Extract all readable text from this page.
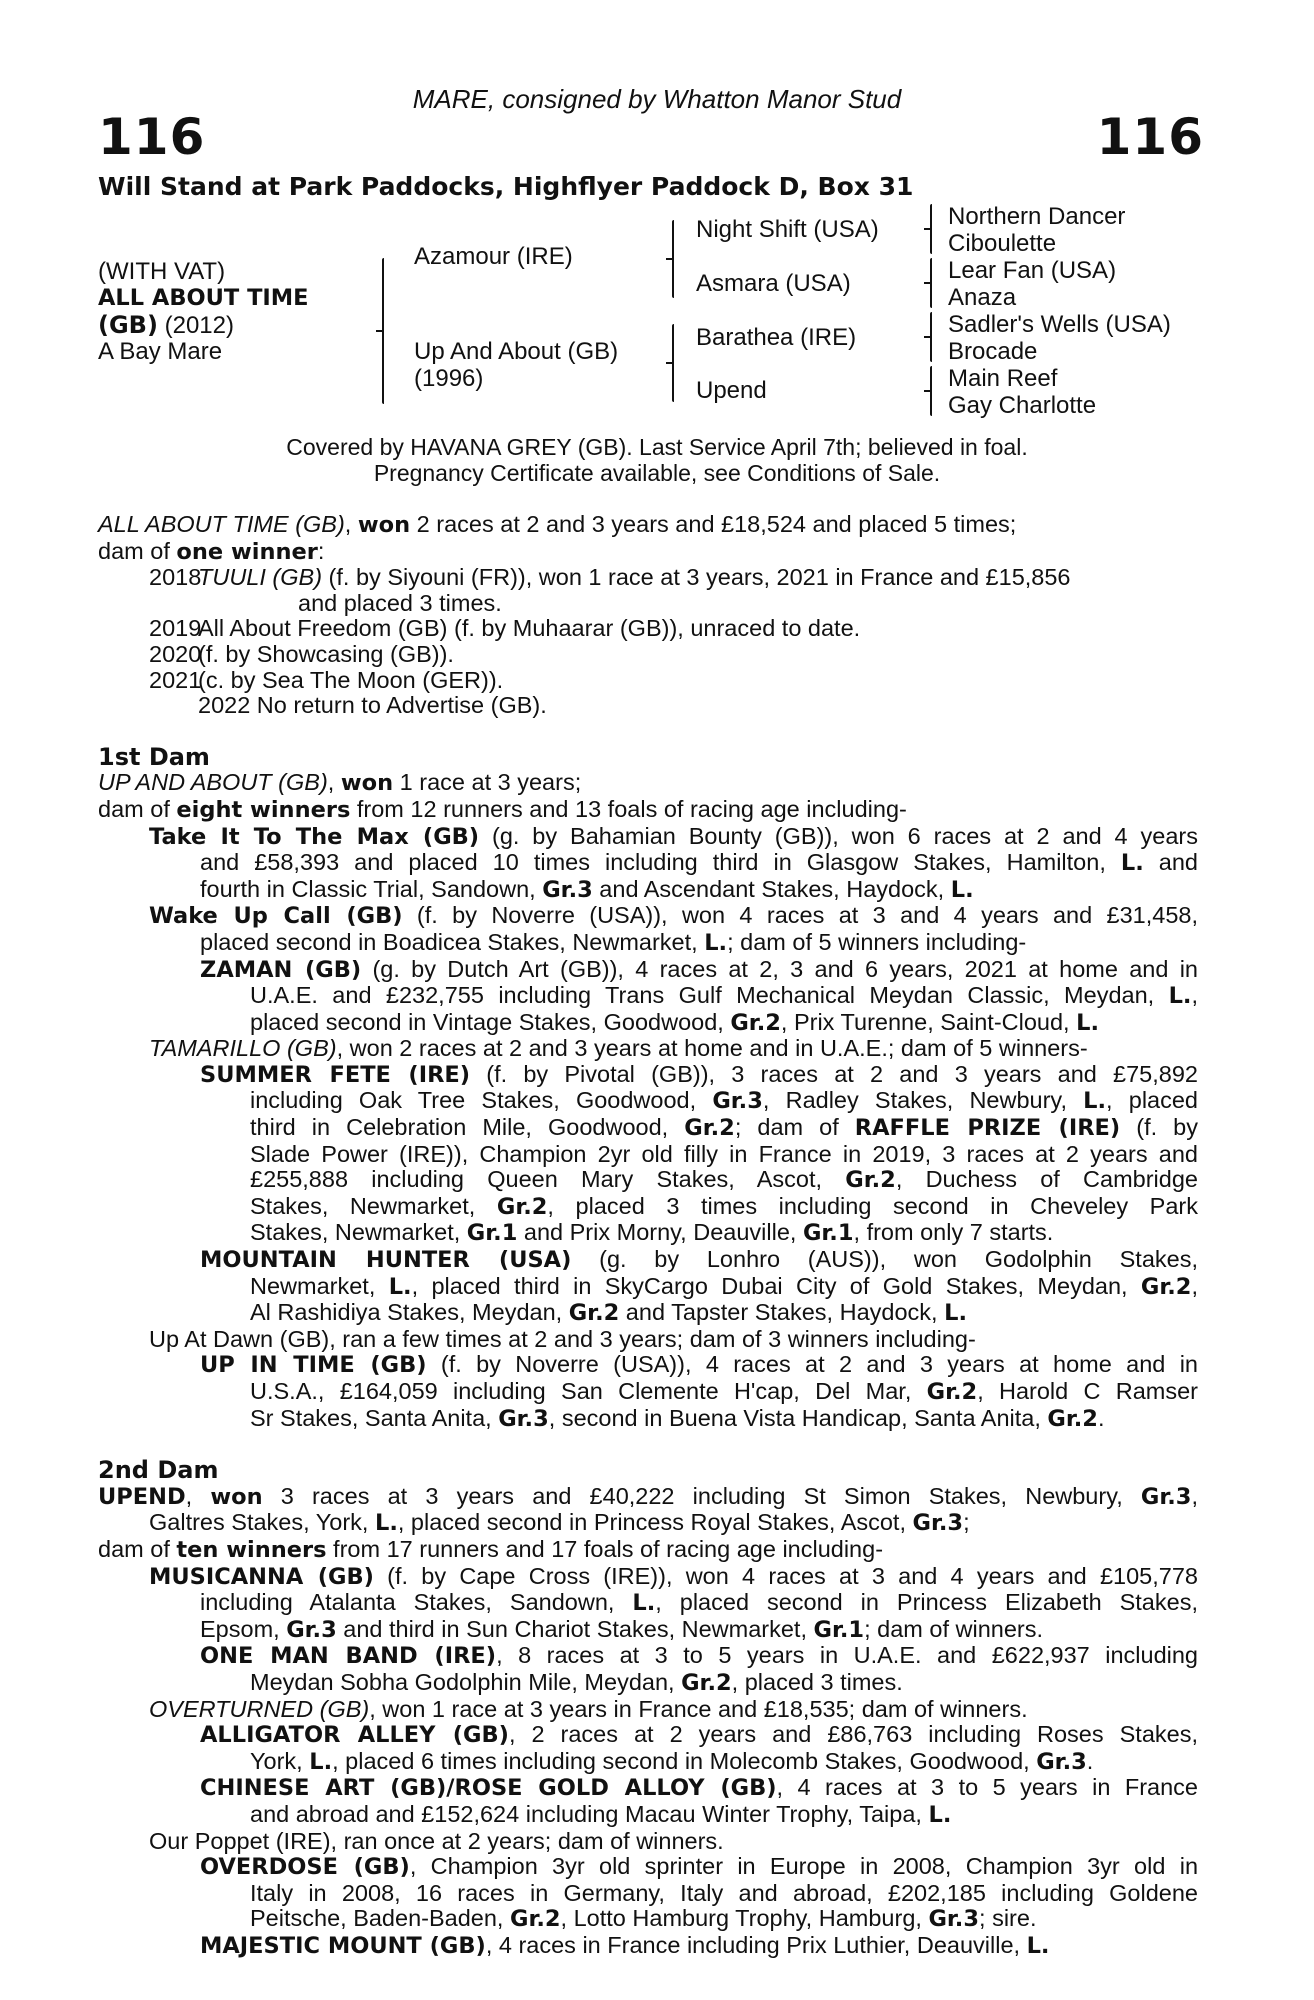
MARE, consigned by Whatton Manor Stud
116	116
Will Stand at Park Paddocks, Highflyer Paddock D, Box 31
(WITH VAT)
ALL ABOUT TIME
(GB) (2012)
A Bay Mare
Azamour (IRE)
Up And About (GB)
(1996)
Night Shift (USA)
Asmara (USA)
Barathea (IRE)
Upend
Northern Dancer
Ciboulette
Lear Fan (USA)
Anaza
Sadler's Wells (USA)
Brocade
Main Reef
Gay Charlotte
Covered by HAVANA GREY (GB). Last Service April 7th; believed in foal.
Pregnancy Certificate available, see Conditions of Sale.
ALL ABOUT TIME (GB), won 2 races at 2 and 3 years and £18,524 and placed 5 times;
dam of one winner:
2018TUULI (GB) (f. by Siyouni (FR)), won 1 race at 3 years, 2021 in France and £15,856
and placed 3 times.
2019All About Freedom (GB) (f. by Muhaarar (GB)), unraced to date.
2020(f. by Showcasing (GB)).
2021(c. by Sea The Moon (GER)).
2022 No return to Advertise (GB).
1st Dam
UP AND ABOUT (GB), won 1 race at 3 years;
dam of eight winners from 12 runners and 13 foals of racing age including-
Take It To The Max (GB) (g. by Bahamian Bounty (GB)), won 6 races at 2 and 4 years
and £58,393 and placed 10 times including third in Glasgow Stakes, Hamilton, L. and
fourth in Classic Trial, Sandown, Gr.3 and Ascendant Stakes, Haydock, L.
Wake Up Call (GB) (f. by Noverre (USA)), won 4 races at 3 and 4 years and £31,458,
placed second in Boadicea Stakes, Newmarket, L.; dam of 5 winners including-
ZAMAN (GB) (g. by Dutch Art (GB)), 4 races at 2, 3 and 6 years, 2021 at home and in
U.A.E. and £232,755 including Trans Gulf Mechanical Meydan Classic, Meydan, L.,
placed second in Vintage Stakes, Goodwood, Gr.2, Prix Turenne, Saint-Cloud, L.
TAMARILLO (GB), won 2 races at 2 and 3 years at home and in U.A.E.; dam of 5 winners-
SUMMER FETE (IRE) (f. by Pivotal (GB)), 3 races at 2 and 3 years and £75,892
including Oak Tree Stakes, Goodwood, Gr.3, Radley Stakes, Newbury, L., placed
third in Celebration Mile, Goodwood, Gr.2; dam of RAFFLE PRIZE (IRE) (f. by
Slade Power (IRE)), Champion 2yr old filly in France in 2019, 3 races at 2 years and
£255,888 including Queen Mary Stakes, Ascot, Gr.2, Duchess of Cambridge
Stakes, Newmarket, Gr.2, placed 3 times including second in Cheveley Park
Stakes, Newmarket, Gr.1 and Prix Morny, Deauville, Gr.1, from only 7 starts.
MOUNTAIN HUNTER (USA) (g. by Lonhro (AUS)), won Godolphin Stakes,
Newmarket, L., placed third in SkyCargo Dubai City of Gold Stakes, Meydan, Gr.2,
Al Rashidiya Stakes, Meydan, Gr.2 and Tapster Stakes, Haydock, L.
Up At Dawn (GB), ran a few times at 2 and 3 years; dam of 3 winners including-
UP IN TIME (GB) (f. by Noverre (USA)), 4 races at 2 and 3 years at home and in
U.S.A., £164,059 including San Clemente H'cap, Del Mar, Gr.2, Harold C Ramser
Sr Stakes, Santa Anita, Gr.3, second in Buena Vista Handicap, Santa Anita, Gr.2.
2nd Dam
UPEND, won 3 races at 3 years and £40,222 including St Simon Stakes, Newbury, Gr.3,
Galtres Stakes, York, L., placed second in Princess Royal Stakes, Ascot, Gr.3;
dam of ten winners from 17 runners and 17 foals of racing age including-
MUSICANNA (GB) (f. by Cape Cross (IRE)), won 4 races at 3 and 4 years and £105,778
including Atalanta Stakes, Sandown, L., placed second in Princess Elizabeth Stakes,
Epsom, Gr.3 and third in Sun Chariot Stakes, Newmarket, Gr.1; dam of winners.
ONE MAN BAND (IRE), 8 races at 3 to 5 years in U.A.E. and £622,937 including
Meydan Sobha Godolphin Mile, Meydan, Gr.2, placed 3 times.
OVERTURNED (GB), won 1 race at 3 years in France and £18,535; dam of winners.
ALLIGATOR ALLEY (GB), 2 races at 2 years and £86,763 including Roses Stakes,
York, L., placed 6 times including second in Molecomb Stakes, Goodwood, Gr.3.
CHINESE ART (GB)/ROSE GOLD ALLOY (GB), 4 races at 3 to 5 years in France
and abroad and £152,624 including Macau Winter Trophy, Taipa, L.
Our Poppet (IRE), ran once at 2 years; dam of winners.
OVERDOSE (GB), Champion 3yr old sprinter in Europe in 2008, Champion 3yr old in
Italy in 2008, 16 races in Germany, Italy and abroad, £202,185 including Goldene
Peitsche, Baden-Baden, Gr.2, Lotto Hamburg Trophy, Hamburg, Gr.3; sire.
MAJESTIC MOUNT (GB), 4 races in France including Prix Luthier, Deauville, L.
